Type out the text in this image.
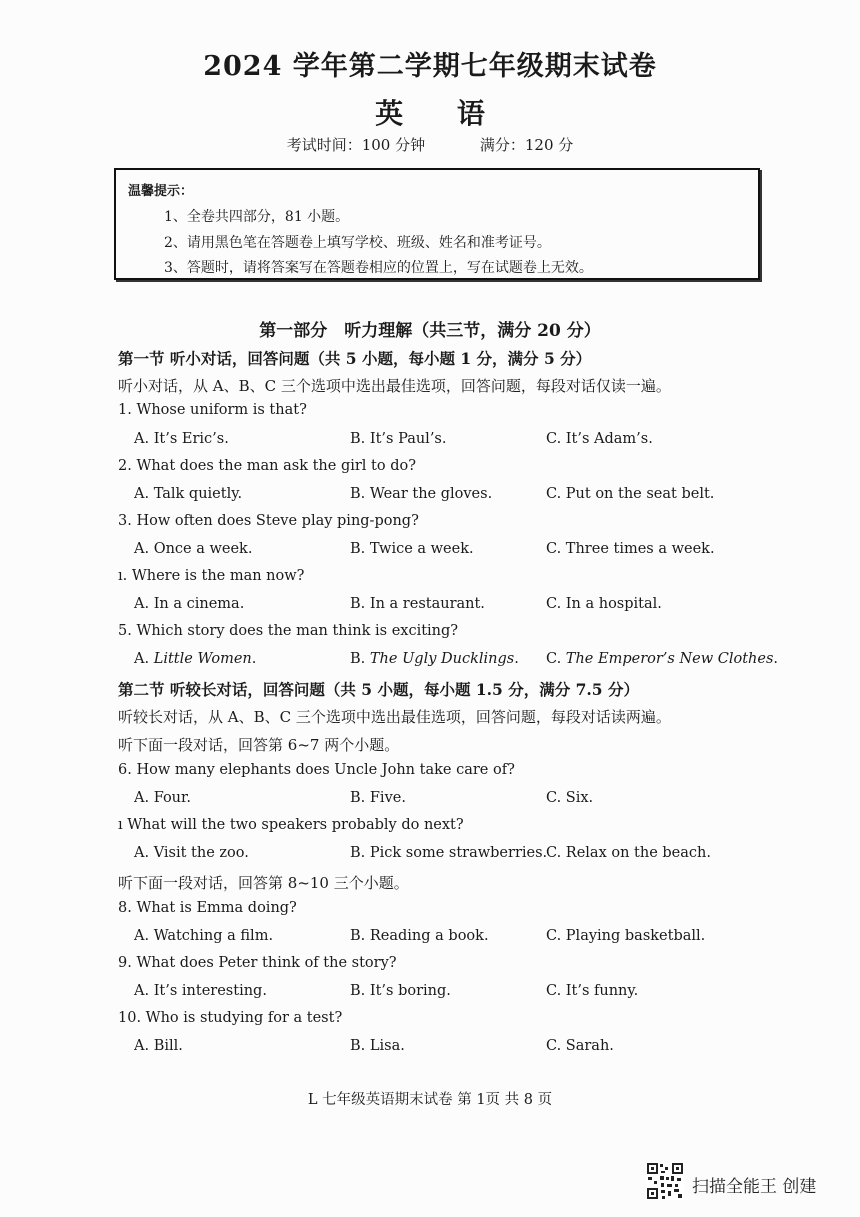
2024 学年第二学期七年级期末试卷
英 语
考试时间：100 分钟	满分：120 分
温馨提示：
1、全卷共四部分，81 小题。
2、请用黑色笔在答题卷上填写学校、班级、姓名和准考证号。
3、答题时，请将答案写在答题卷相应的位置上，写在试题卷上无效。
第一部分　听力理解（共三节，满分 20 分）
第一节 听小对话，回答问题（共 5 小题，每小题 1 分，满分 5 分）
听小对话，从 A、B、C 三个选项中选出最佳选项，回答问题，每段对话仅读一遍。
1. Whose uniform is that?
A. It’s Eric’s.	B. It’s Paul’s.	C. It’s Adam’s.
2. What does the man ask the girl to do?
A. Talk quietly.	B. Wear the gloves.	C. Put on the seat belt.
3. How often does Steve play ping-pong?
A. Once a week.	B. Twice a week.	C. Three times a week.
ı. Where is the man now?
A. In a cinema.	B. In a restaurant.	C. In a hospital.
5. Which story does the man think is exciting?
A. Little Women.	B. The Ugly Ducklings. C. The Emperor’s New Clothes.
第二节 听较长对话，回答问题（共 5 小题，每小题 1.5 分，满分 7.5 分）
听较长对话，从 A、B、C 三个选项中选出最佳选项，回答问题，每段对话读两遍。
听下面一段对话，回答第 6~7 两个小题。
6. How many elephants does Uncle John take care of?
A. Four.	B. Five.	C. Six.
ı What will the two speakers probably do next?
A. Visit the zoo.	B. Pick some strawberries.
C. Relax on the beach.
听下面一段对话，回答第 8~10 三个小题。
8. What is Emma doing?
A. Watching a film.	B. Reading a book.	C. Playing basketball.
9. What does Peter think of the story?
A. It’s interesting.	B. It’s boring.	C. It’s funny.
10. Who is studying for a test?
A. Bill.	B. Lisa.	C. Sarah.
L 七年级英语期末试卷 第 1页 共 8 页
扫描全能王 创建
